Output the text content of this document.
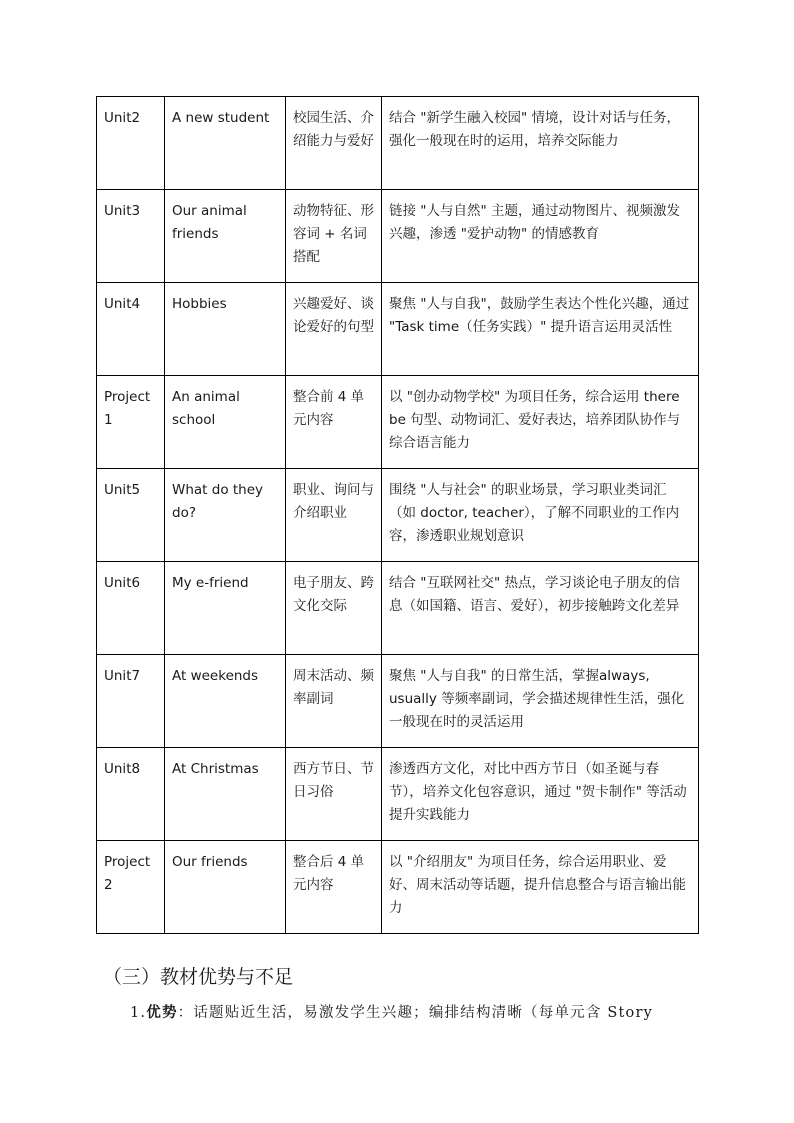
Unit2	A new student	校园生活、介绍能力与爱好	结合 "新学生融入校园" 情境，设计对话与任务，强化一般现在时的运用，培养交际能力
Unit3	Our animal friends	动物特征、形容词 + 名词搭配	链接 "人与自然" 主题，通过动物图片、视频激发兴趣，渗透 "爱护动物" 的情感教育
Unit4	Hobbies	兴趣爱好、谈论爱好的句型	聚焦 "人与自我"，鼓励学生表达个性化兴趣，通过 "Task time（任务实践）" 提升语言运用灵活性
Project 1	An animal school	整合前 4 单元内容	以 "创办动物学校" 为项目任务，综合运用 there be 句型、动物词汇、爱好表达，培养团队协作与综合语言能力
Unit5	What do they do?	职业、询问与介绍职业	围绕 "人与社会" 的职业场景，学习职业类词汇（如 doctor, teacher），了解不同职业的工作内容，渗透职业规划意识
Unit6	My e-friend	电子朋友、跨文化交际	结合 "互联网社交" 热点，学习谈论电子朋友的信息（如国籍、语言、爱好），初步接触跨文化差异
Unit7	At weekends	周末活动、频率副词	聚焦 "人与自我" 的日常生活，掌握always, usually 等频率副词，学会描述规律性生活，强化一般现在时的灵活运用
Unit8	At Christmas	西方节日、节日习俗	渗透西方文化，对比中西方节日（如圣诞与春节），培养文化包容意识，通过 "贺卡制作" 等活动提升实践能力
Project 2	Our friends	整合后 4 单元内容	以 "介绍朋友" 为项目任务，综合运用职业、爱好、周末活动等话题，提升信息整合与语言输出能力
（三）教材优势与不足
1.优势：话题贴近生活，易激发学生兴趣；编排结构清晰（每单元含 Story
